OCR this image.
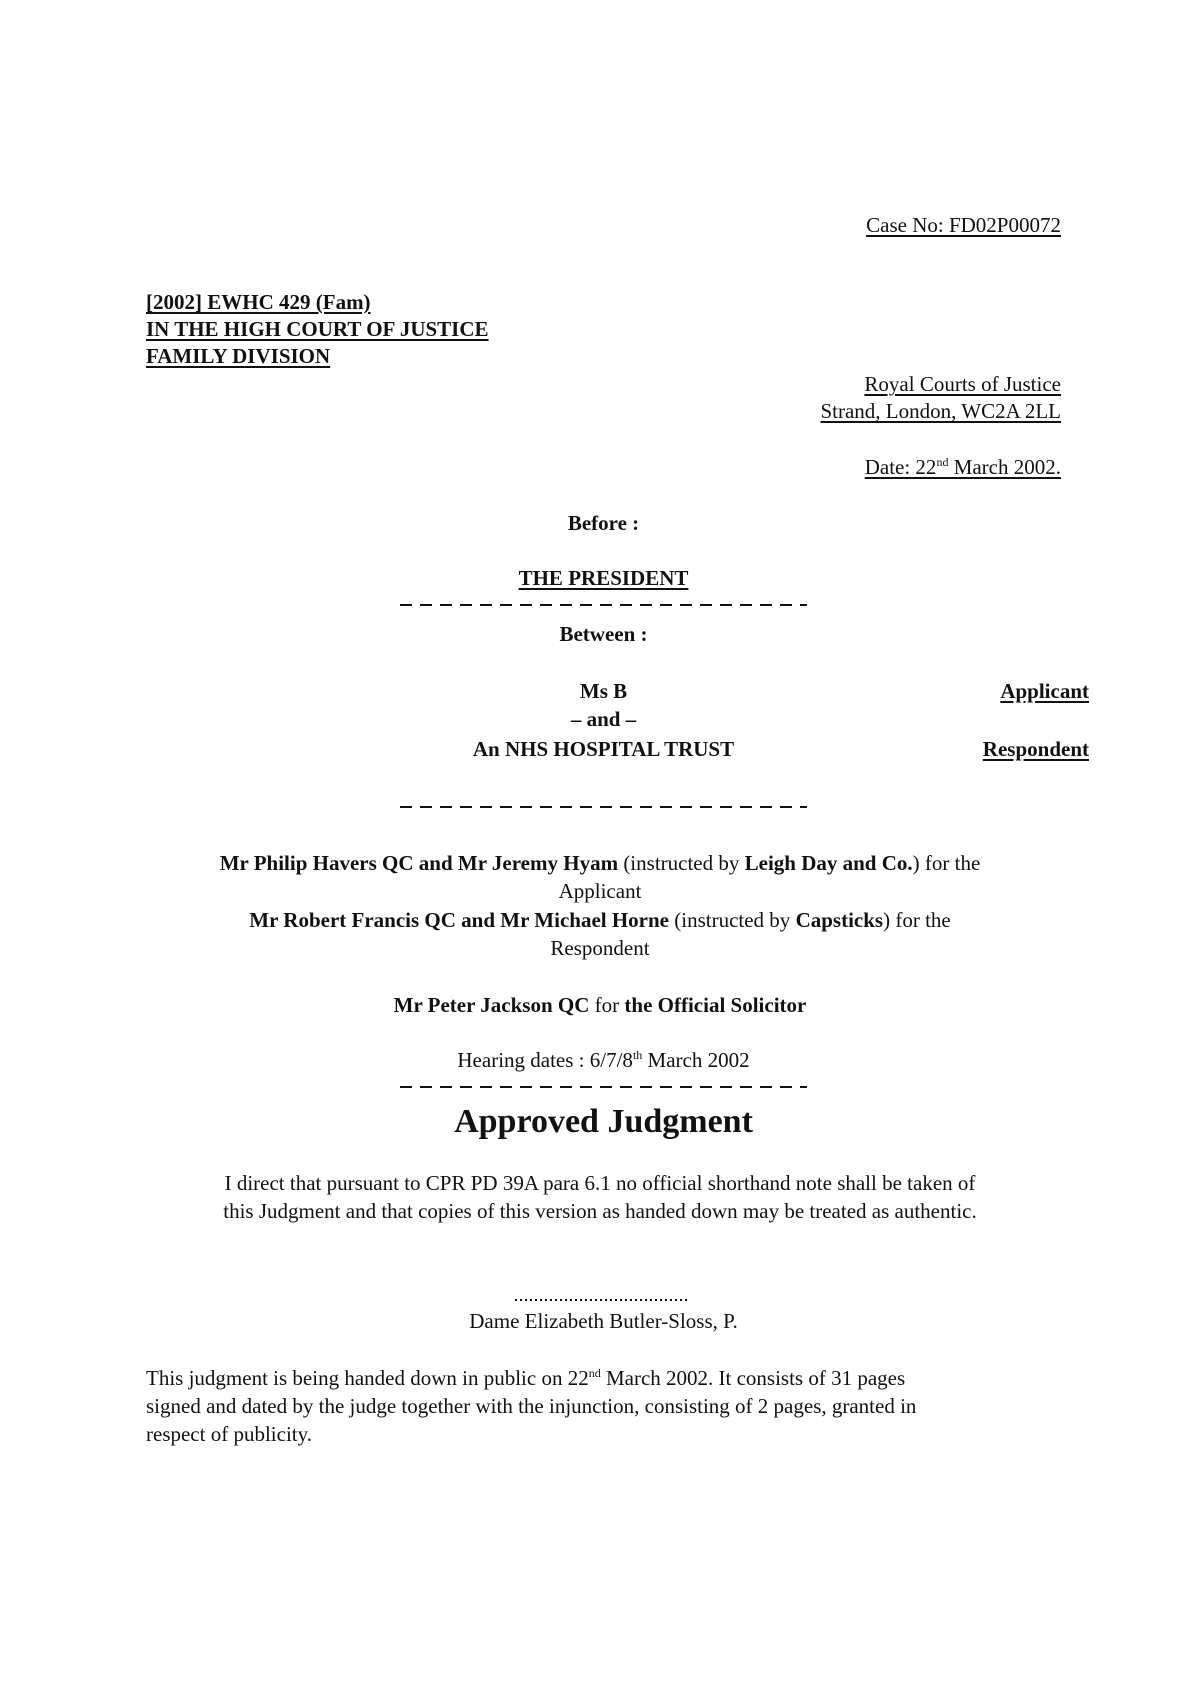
Case No: FD02P00072
[2002] EWHC 429 (Fam)
IN THE HIGH COURT OF JUSTICE
FAMILY DIVISION
Royal Courts of Justice
Strand, London, WC2A 2LL
Date: 22nd March 2002.
Before :
THE PRESIDENT
Between :
Ms B
– and –
An NHS HOSPITAL TRUST
Applicant
Respondent
Mr Philip Havers QC and Mr Jeremy Hyam (instructed by Leigh Day and Co.) for the
Applicant
Mr Robert Francis QC and Mr Michael Horne (instructed by Capsticks) for the
Respondent
Mr Peter Jackson QC for the Official Solicitor
Hearing dates : 6/7/8th March 2002
Approved Judgment
I direct that pursuant to CPR PD 39A para 6.1 no official shorthand note shall be taken of
this Judgment and that copies of this version as handed down may be treated as authentic.
Dame Elizabeth Butler-Sloss, P.
This judgment is being handed down in public on 22nd March 2002. It consists of 31 pages
signed and dated by the judge together with the injunction, consisting of 2 pages, granted in
respect of publicity.
